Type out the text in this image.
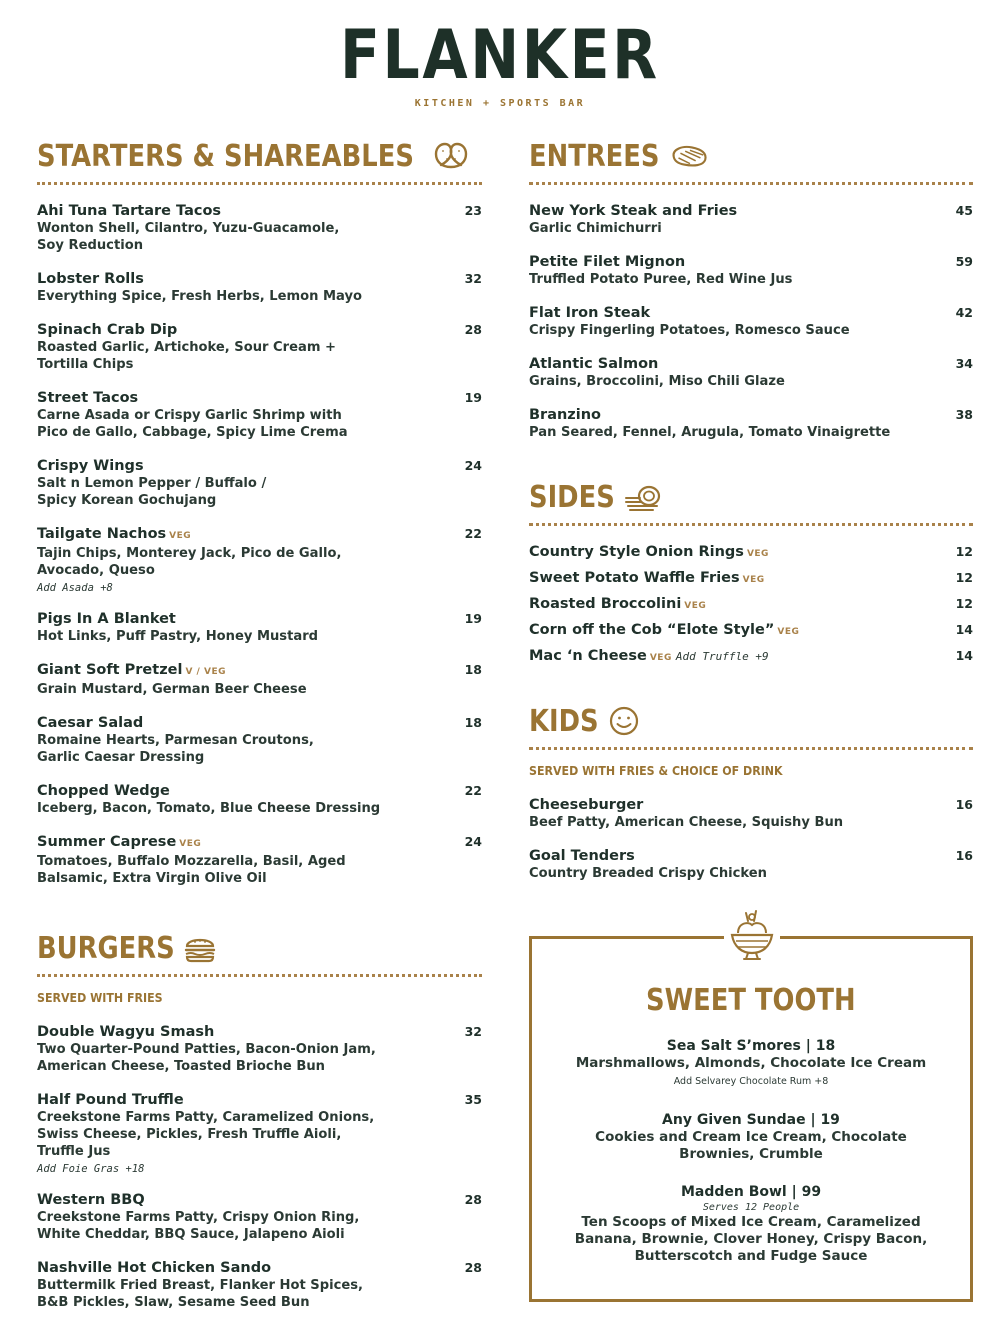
FLANKER
KITCHEN + SPORTS BAR
STARTERS & SHAREABLES
Ahi Tuna Tartare Tacos
Wonton Shell, Cilantro, Yuzu-Guacamole,
Soy Reduction
23
Lobster Rolls
Everything Spice, Fresh Herbs, Lemon Mayo
32
Spinach Crab Dip
Roasted Garlic, Artichoke, Sour Cream +
Tortilla Chips
28
Street Tacos
Carne Asada or Crispy Garlic Shrimp with
Pico de Gallo, Cabbage, Spicy Lime Crema
19
Crispy Wings
Salt n Lemon Pepper / Buffalo /
Spicy Korean Gochujang
24
Tailgate Nachos VEG
Tajin Chips, Monterey Jack, Pico de Gallo,
Avocado, Queso
Add Asada +8
22
Pigs In A Blanket
Hot Links, Puff Pastry, Honey Mustard
19
Giant Soft Pretzel V / VEG
Grain Mustard, German Beer Cheese
18
Caesar Salad
Romaine Hearts, Parmesan Croutons,
Garlic Caesar Dressing
18
Chopped Wedge
Iceberg, Bacon, Tomato, Blue Cheese Dressing
22
Summer Caprese VEG
Tomatoes, Buffalo Mozzarella, Basil, Aged
Balsamic, Extra Virgin Olive Oil
24
BURGERS
SERVED WITH FRIES
Double Wagyu Smash
Two Quarter-Pound Patties, Bacon-Onion Jam,
American Cheese, Toasted Brioche Bun
32
Half Pound Truffle
Creekstone Farms Patty, Caramelized Onions,
Swiss Cheese, Pickles, Fresh Truffle Aioli,
Truffle Jus
Add Foie Gras +18
35
Western BBQ
Creekstone Farms Patty, Crispy Onion Ring,
White Cheddar, BBQ Sauce, Jalapeno Aioli
28
Nashville Hot Chicken Sando
Buttermilk Fried Breast, Flanker Hot Spices,
B&B Pickles, Slaw, Sesame Seed Bun
28
ENTREES
New York Steak and Fries
Garlic Chimichurri
45
Petite Filet Mignon
Truffled Potato Puree, Red Wine Jus
59
Flat Iron Steak
Crispy Fingerling Potatoes, Romesco Sauce
42
Atlantic Salmon
Grains, Broccolini, Miso Chili Glaze
34
Branzino
Pan Seared, Fennel, Arugula, Tomato Vinaigrette
38
SIDES
Country Style Onion Rings VEG	12
Sweet Potato Waffle Fries VEG	12
Roasted Broccolini VEG	12
Corn off the Cob “Elote Style” VEG	14
Mac ‘n Cheese VEG Add Truffle +9	14
KIDS
SERVED WITH FRIES & CHOICE OF DRINK
Cheeseburger
Beef Patty, American Cheese, Squishy Bun
16
Goal Tenders
Country Breaded Crispy Chicken
16
SWEET TOOTH
Sea Salt S’mores | 18
Marshmallows, Almonds, Chocolate Ice Cream
Add Selvarey Chocolate Rum +8
Any Given Sundae | 19
Cookies and Cream Ice Cream, Chocolate
Brownies, Crumble
Madden Bowl | 99
Serves 12 People
Ten Scoops of Mixed Ice Cream, Caramelized
Banana, Brownie, Clover Honey, Crispy Bacon,
Butterscotch and Fudge Sauce
